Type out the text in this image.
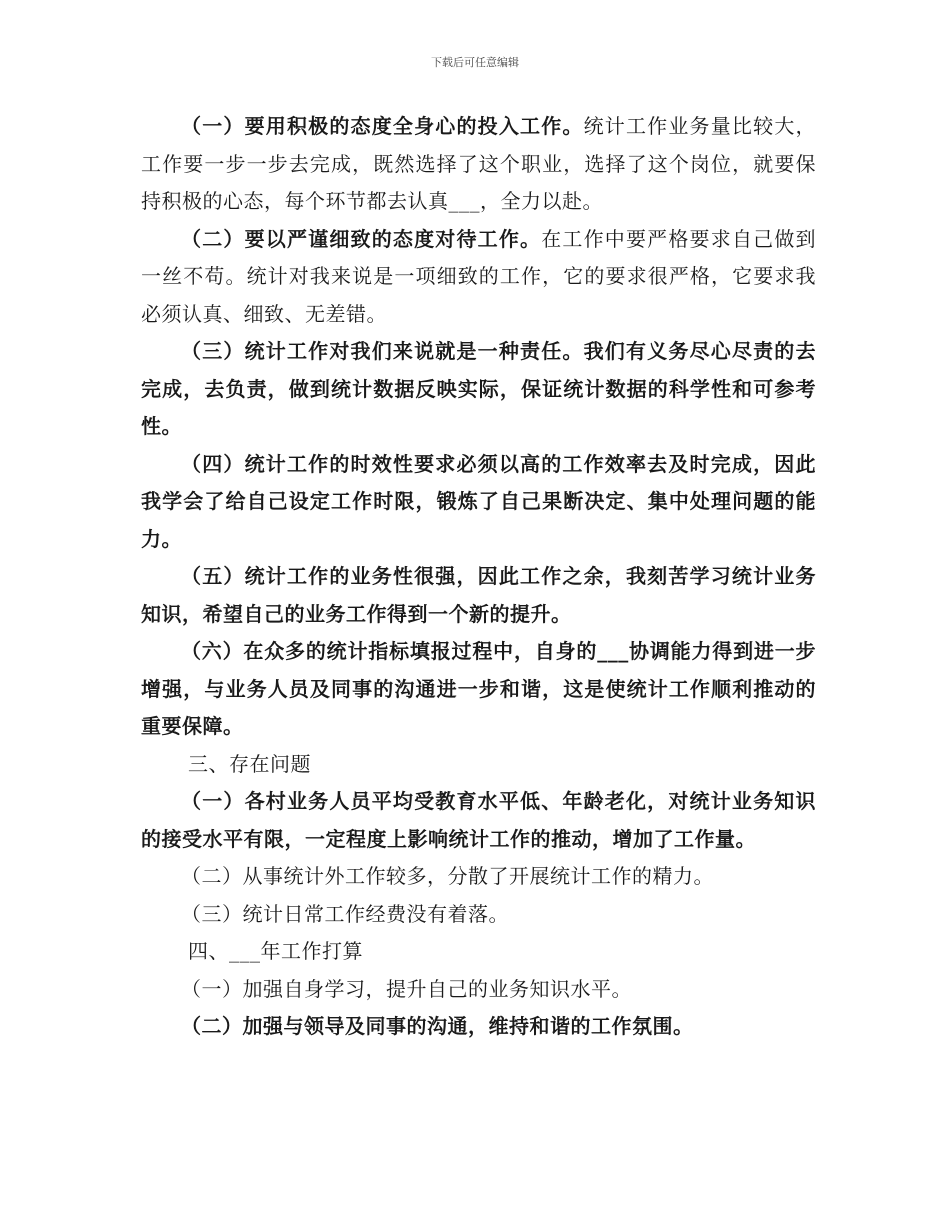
下载后可任意编辑

（一）要用积极的态度全身心的投入工作。统计工作业务量比较大，工作要一步一步去完成，既然选择了这个职业，选择了这个岗位，就要保持积极的心态，每个环节都去认真___，全力以赴。

（二）要以严谨细致的态度对待工作。在工作中要严格要求自己做到一丝不苟。统计对我来说是一项细致的工作，它的要求很严格，它要求我必须认真、细致、无差错。

（三）统计工作对我们来说就是一种责任。我们有义务尽心尽责的去完成，去负责，做到统计数据反映实际，保证统计数据的科学性和可参考性。

（四）统计工作的时效性要求必须以高的工作效率去及时完成，因此我学会了给自己设定工作时限，锻炼了自己果断决定、集中处理问题的能力。

（五）统计工作的业务性很强，因此工作之余，我刻苦学习统计业务知识，希望自己的业务工作得到一个新的提升。

（六）在众多的统计指标填报过程中，自身的___协调能力得到进一步增强，与业务人员及同事的沟通进一步和谐，这是使统计工作顺利推动的重要保障。

三、存在问题

（一）各村业务人员平均受教育水平低、年龄老化，对统计业务知识的接受水平有限，一定程度上影响统计工作的推动，增加了工作量。

（二）从事统计外工作较多，分散了开展统计工作的精力。

（三）统计日常工作经费没有着落。

四、___年工作打算

（一）加强自身学习，提升自己的业务知识水平。

（二）加强与领导及同事的沟通，维持和谐的工作氛围。
